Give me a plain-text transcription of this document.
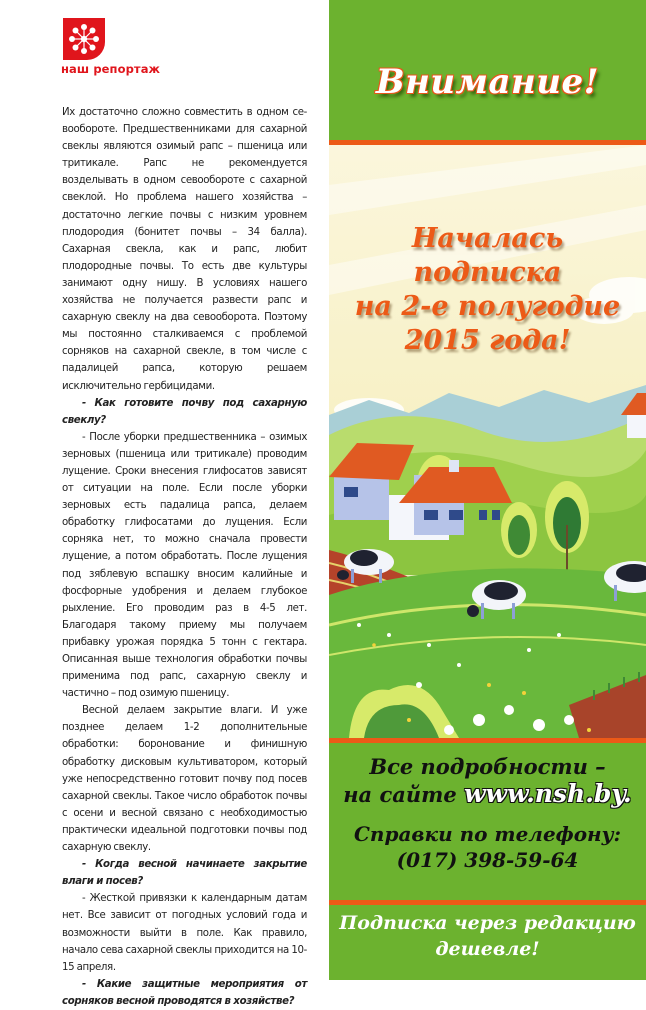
наш репортаж

Их достаточно сложно совместить в одном се-вообороте. Предшественниками для сахарной свеклы являются озимый рапс – пшеница или тритикале. Рапс не рекомендуется возделывать в одном севообороте с сахарной свеклой. Но проблема нашего хозяйства – достаточно легкие почвы с низким уровнем плодородия (бонитет почвы – 34 балла). Сахарная свекла, как и рапс, любит плодородные почвы. То есть две культуры занимают одну нишу. В условиях нашего хозяйства не получается развести рапс и сахарную свеклу на два севооборота. Поэтому мы постоянно сталкиваемся с проблемой сорняков на сахарной свекле, в том числе с падалицей рапса, которую решаем исключительно гербицидами.

- Как готовите почву под сахарную свеклу?

- После уборки предшественника – озимых зерновых (пшеница или тритикале) проводим лущение. Сроки внесения глифосатов зависят от ситуации на поле. Если после уборки зерновых есть падалица рапса, делаем обработку глифосатами до лущения. Если сорняка нет, то можно сначала провести лущение, а потом обработать. После лущения под зяблевую вспашку вносим калийные и фосфорные удобрения и делаем глубокое рыхление. Его проводим раз в 4-5 лет. Благодаря такому приему мы получаем прибавку урожая порядка 5 тонн с гектара. Описанная выше технология обработки почвы применима под рапс, сахарную свеклу и частично – под озимую пшеницу.

Весной делаем закрытие влаги. И уже позднее делаем 1-2 дополнительные обработки: боронование и финишную обработку дисковым культиватором, который уже непосредственно готовит почву под посев сахарной свеклы. Такое число обработок почвы с осени и весной связано с необходимостью практически идеальной подготовки почвы под сахарную свеклу.

- Когда весной начинаете закрытие влаги и посев?

- Жесткой привязки к календарным датам нет. Все зависит от погодных условий года и возможности выйти в поле. Как правило, начало сева сахарной свеклы приходится на 10-15 апреля.

- Какие защитные мероприятия от сорняков весной проводятся в хозяйстве?

Внимание!
Началась
подписка
на 2-е полугодие
2015 года!
Все подробности –
на сайте www.nsh.by.
Справки по телефону:
(017) 398-59-64
Подписка через редакцию
дешевле!
